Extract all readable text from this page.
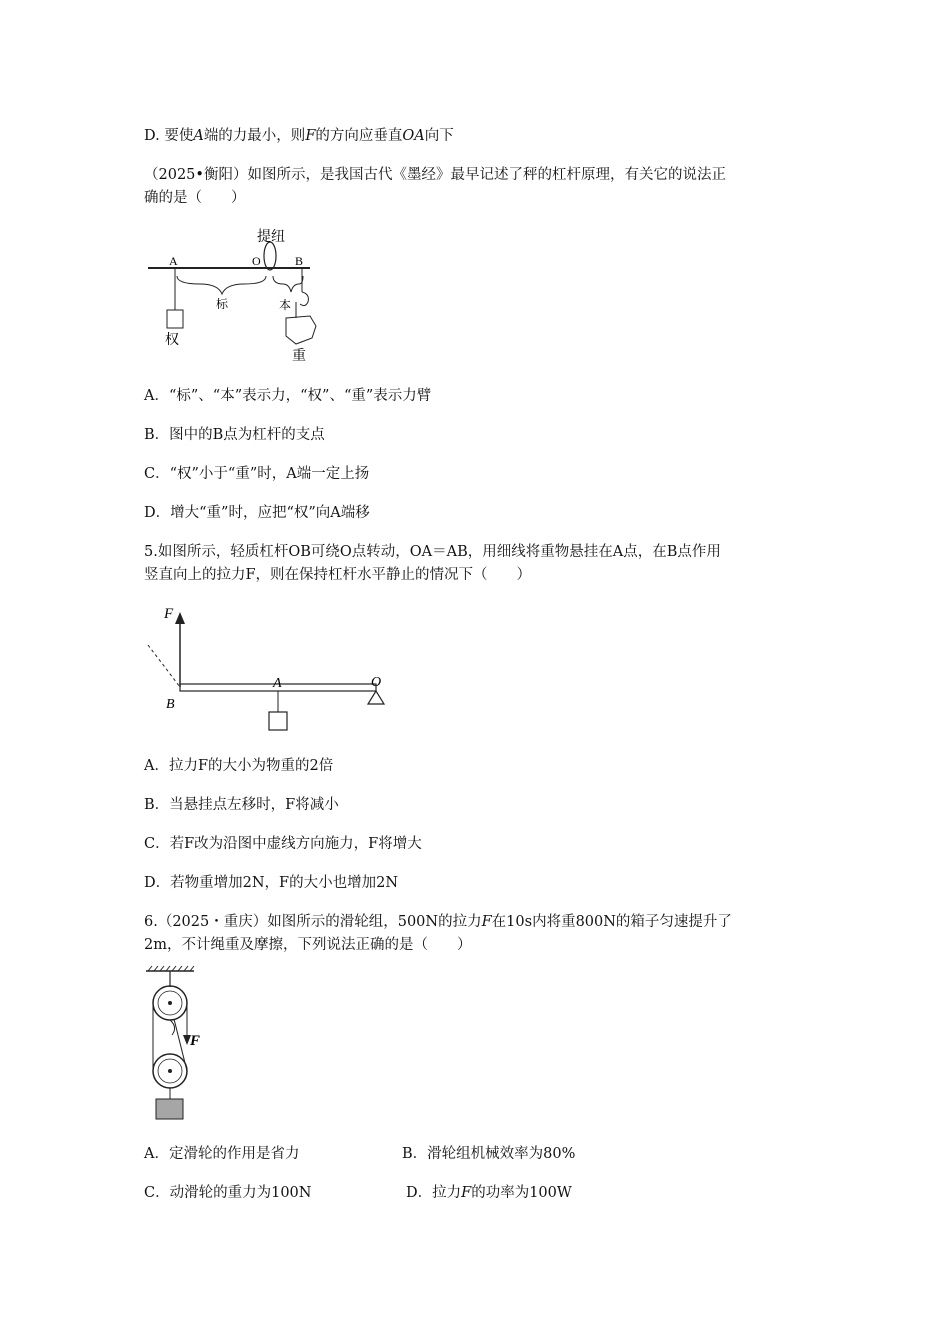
D. 要使A端的力最小，则F的方向应垂直OA向下
（2025•衡阳）如图所示，是我国古代《墨经》最早记述了秤的杠杆原理，有关它的说法正
确的是（　　）
提纽
A	O	B
权
标	本
重
A．“标”、“本”表示力，“权”、“重”表示力臂
B．图中的B点为杠杆的支点
C．“权”小于“重”时，A端一定上扬
D．增大“重”时，应把“权”向A端移
5.如图所示，轻质杠杆OB可绕O点转动，OA＝AB，用细线将重物悬挂在A点，在B点作用
竖直向上的拉力F，则在保持杠杆水平静止的情况下（　　）
F
B
A	O
A．拉力F的大小为物重的2倍
B．当悬挂点左移时，F将减小
C．若F改为沿图中虚线方向施力，F将增大
D．若物重增加2N，F的大小也增加2N
6.（2025・重庆）如图所示的滑轮组，500N的拉力F在10s内将重800N的箱子匀速提升了
2m，不计绳重及摩擦，下列说法正确的是（　　）
F
A．定滑轮的作用是省力	B．滑轮组机械效率为80%
C．动滑轮的重力为100N	D．拉力F的功率为100W
